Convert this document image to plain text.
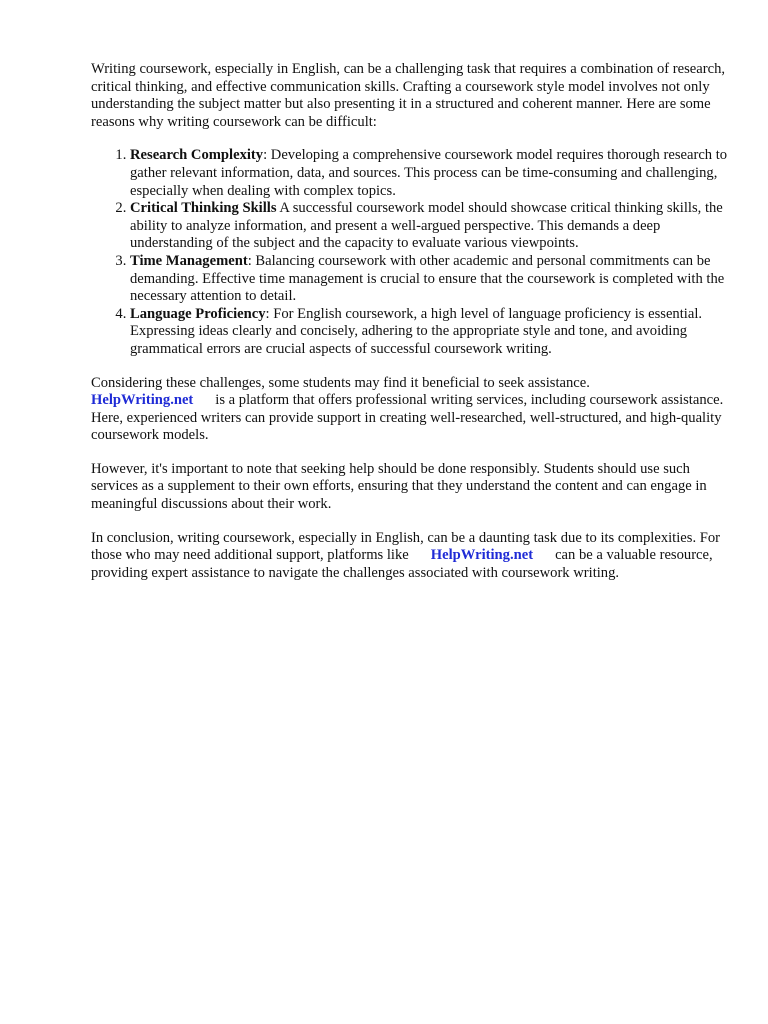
Writing coursework, especially in English, can be a challenging task that requires a combination of research, critical thinking, and effective communication skills. Crafting a coursework style model involves not only understanding the subject matter but also presenting it in a structured and coherent manner. Here are some reasons why writing coursework can be difficult:

1. Research Complexity: Developing a comprehensive coursework model requires thorough research to gather relevant information, data, and sources. This process can be time-consuming and challenging, especially when dealing with complex topics.
2. Critical Thinking Skills A successful coursework model should showcase critical thinking skills, the ability to analyze information, and present a well-argued perspective. This demands a deep understanding of the subject and the capacity to evaluate various viewpoints.
3. Time Management: Balancing coursework with other academic and personal commitments can be demanding. Effective time management is crucial to ensure that the coursework is completed with the necessary attention to detail.
4. Language Proficiency: For English coursework, a high level of language proficiency is essential. Expressing ideas clearly and concisely, adhering to the appropriate style and tone, and avoiding grammatical errors are crucial aspects of successful coursework writing.

Considering these challenges, some students may find it beneficial to seek assistance.
HelpWriting.net is a platform that offers professional writing services, including coursework assistance. Here, experienced writers can provide support in creating well-researched, well-structured, and high-quality coursework models.

However, it's important to note that seeking help should be done responsibly. Students should use such services as a supplement to their own efforts, ensuring that they understand the content and can engage in meaningful discussions about their work.

In conclusion, writing coursework, especially in English, can be a daunting task due to its complexities. For those who may need additional support, platforms like HelpWriting.net can be a valuable resource, providing expert assistance to navigate the challenges associated with coursework writing.
